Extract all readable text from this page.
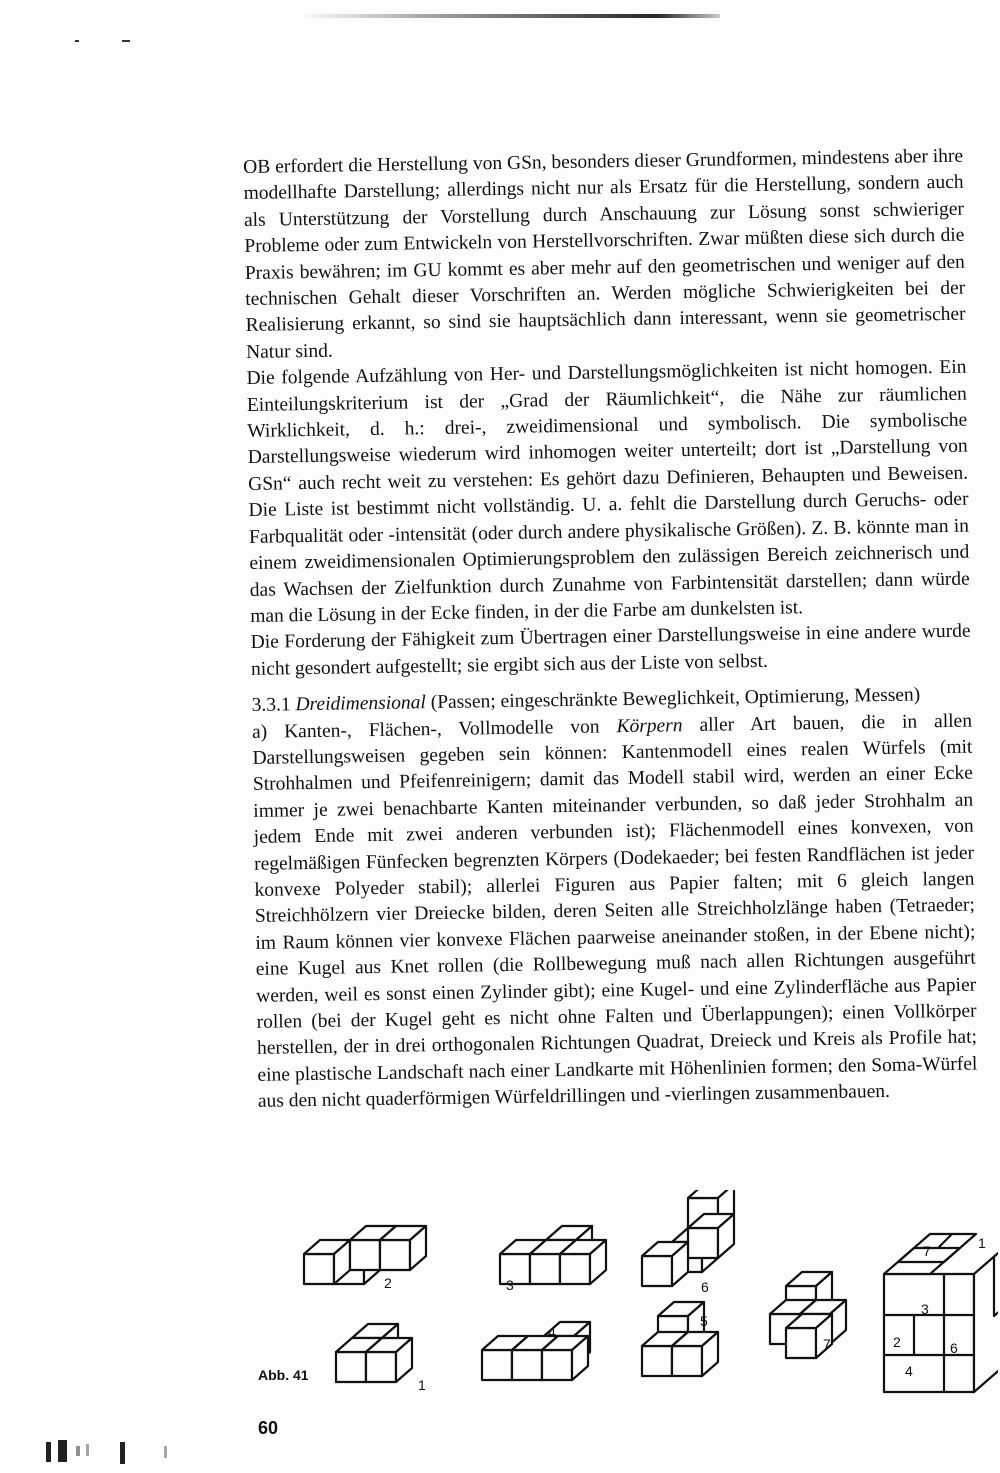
OB erfordert die Herstellung von GSn, besonders dieser Grundformen, mindestens aber ihre modellhafte Darstellung; allerdings nicht nur als Ersatz für die Herstellung, sondern auch als Unterstützung der Vorstellung durch Anschauung zur Lösung sonst schwieriger Probleme oder zum Entwickeln von Herstellvorschriften. Zwar müßten diese sich durch die Praxis bewähren; im GU kommt es aber mehr auf den geometrischen und weniger auf den technischen Gehalt dieser Vorschriften an. Werden mögliche Schwierigkeiten bei der Realisierung erkannt, so sind sie hauptsächlich dann interessant, wenn sie geometrischer Natur sind.

Die folgende Aufzählung von Her- und Darstellungsmöglichkeiten ist nicht homogen. Ein Einteilungskriterium ist der „Grad der Räumlichkeit“, die Nähe zur räumlichen Wirklichkeit, d. h.: drei-, zweidimensional und symbolisch. Die symbolische Darstellungsweise wiederum wird inhomogen weiter unterteilt; dort ist „Darstellung von GSn“ auch recht weit zu verstehen: Es gehört dazu Definieren, Behaupten und Beweisen. Die Liste ist bestimmt nicht vollständig. U. a. fehlt die Darstellung durch Geruchs- oder Farbqualität oder -intensität (oder durch andere physikalische Größen). Z. B. könnte man in einem zweidimensionalen Optimierungsproblem den zulässigen Bereich zeichnerisch und das Wachsen der Zielfunktion durch Zunahme von Farbintensität darstellen; dann würde man die Lösung in der Ecke finden, in der die Farbe am dunkelsten ist.

Die Forderung der Fähigkeit zum Übertragen einer Darstellungsweise in eine andere wurde nicht gesondert aufgestellt; sie ergibt sich aus der Liste von selbst.

3.3.1 Dreidimensional (Passen; eingeschränkte Beweglichkeit, Optimierung, Messen)

a) Kanten-, Flächen-, Vollmodelle von Körpern aller Art bauen, die in allen Darstellungsweisen gegeben sein können: Kantenmodell eines realen Würfels (mit Strohhalmen und Pfeifenreinigern; damit das Modell stabil wird, werden an einer Ecke immer je zwei benachbarte Kanten miteinander verbunden, so daß jeder Strohhalm an jedem Ende mit zwei anderen verbunden ist); Flächenmodell eines konvexen, von regelmäßigen Fünfecken begrenzten Körpers (Dodekaeder; bei festen Randflächen ist jeder konvexe Polyeder stabil); allerlei Figuren aus Papier falten; mit 6 gleich langen Streichhölzern vier Dreiecke bilden, deren Seiten alle Streichholzlänge haben (Tetraeder; im Raum können vier konvexe Flächen paarweise aneinander stoßen, in der Ebene nicht); eine Kugel aus Knet rollen (die Rollbewegung muß nach allen Richtungen ausgeführt werden, weil es sonst einen Zylinder gibt); eine Kugel- und eine Zylinderfläche aus Papier rollen (bei der Kugel geht es nicht ohne Falten und Überlappungen); einen Vollkörper herstellen, der in drei orthogonalen Richtungen Quadrat, Dreieck und Kreis als Profile hat; eine plastische Landschaft nach einer Landkarte mit Höhenlinien formen; den Soma-Würfel aus den nicht quaderförmigen Würfeldrillingen und -vierlingen zusammenbauen.

2	3	6
7
1
4
5
1
2
3
4
6
7
Abb. 41
60
